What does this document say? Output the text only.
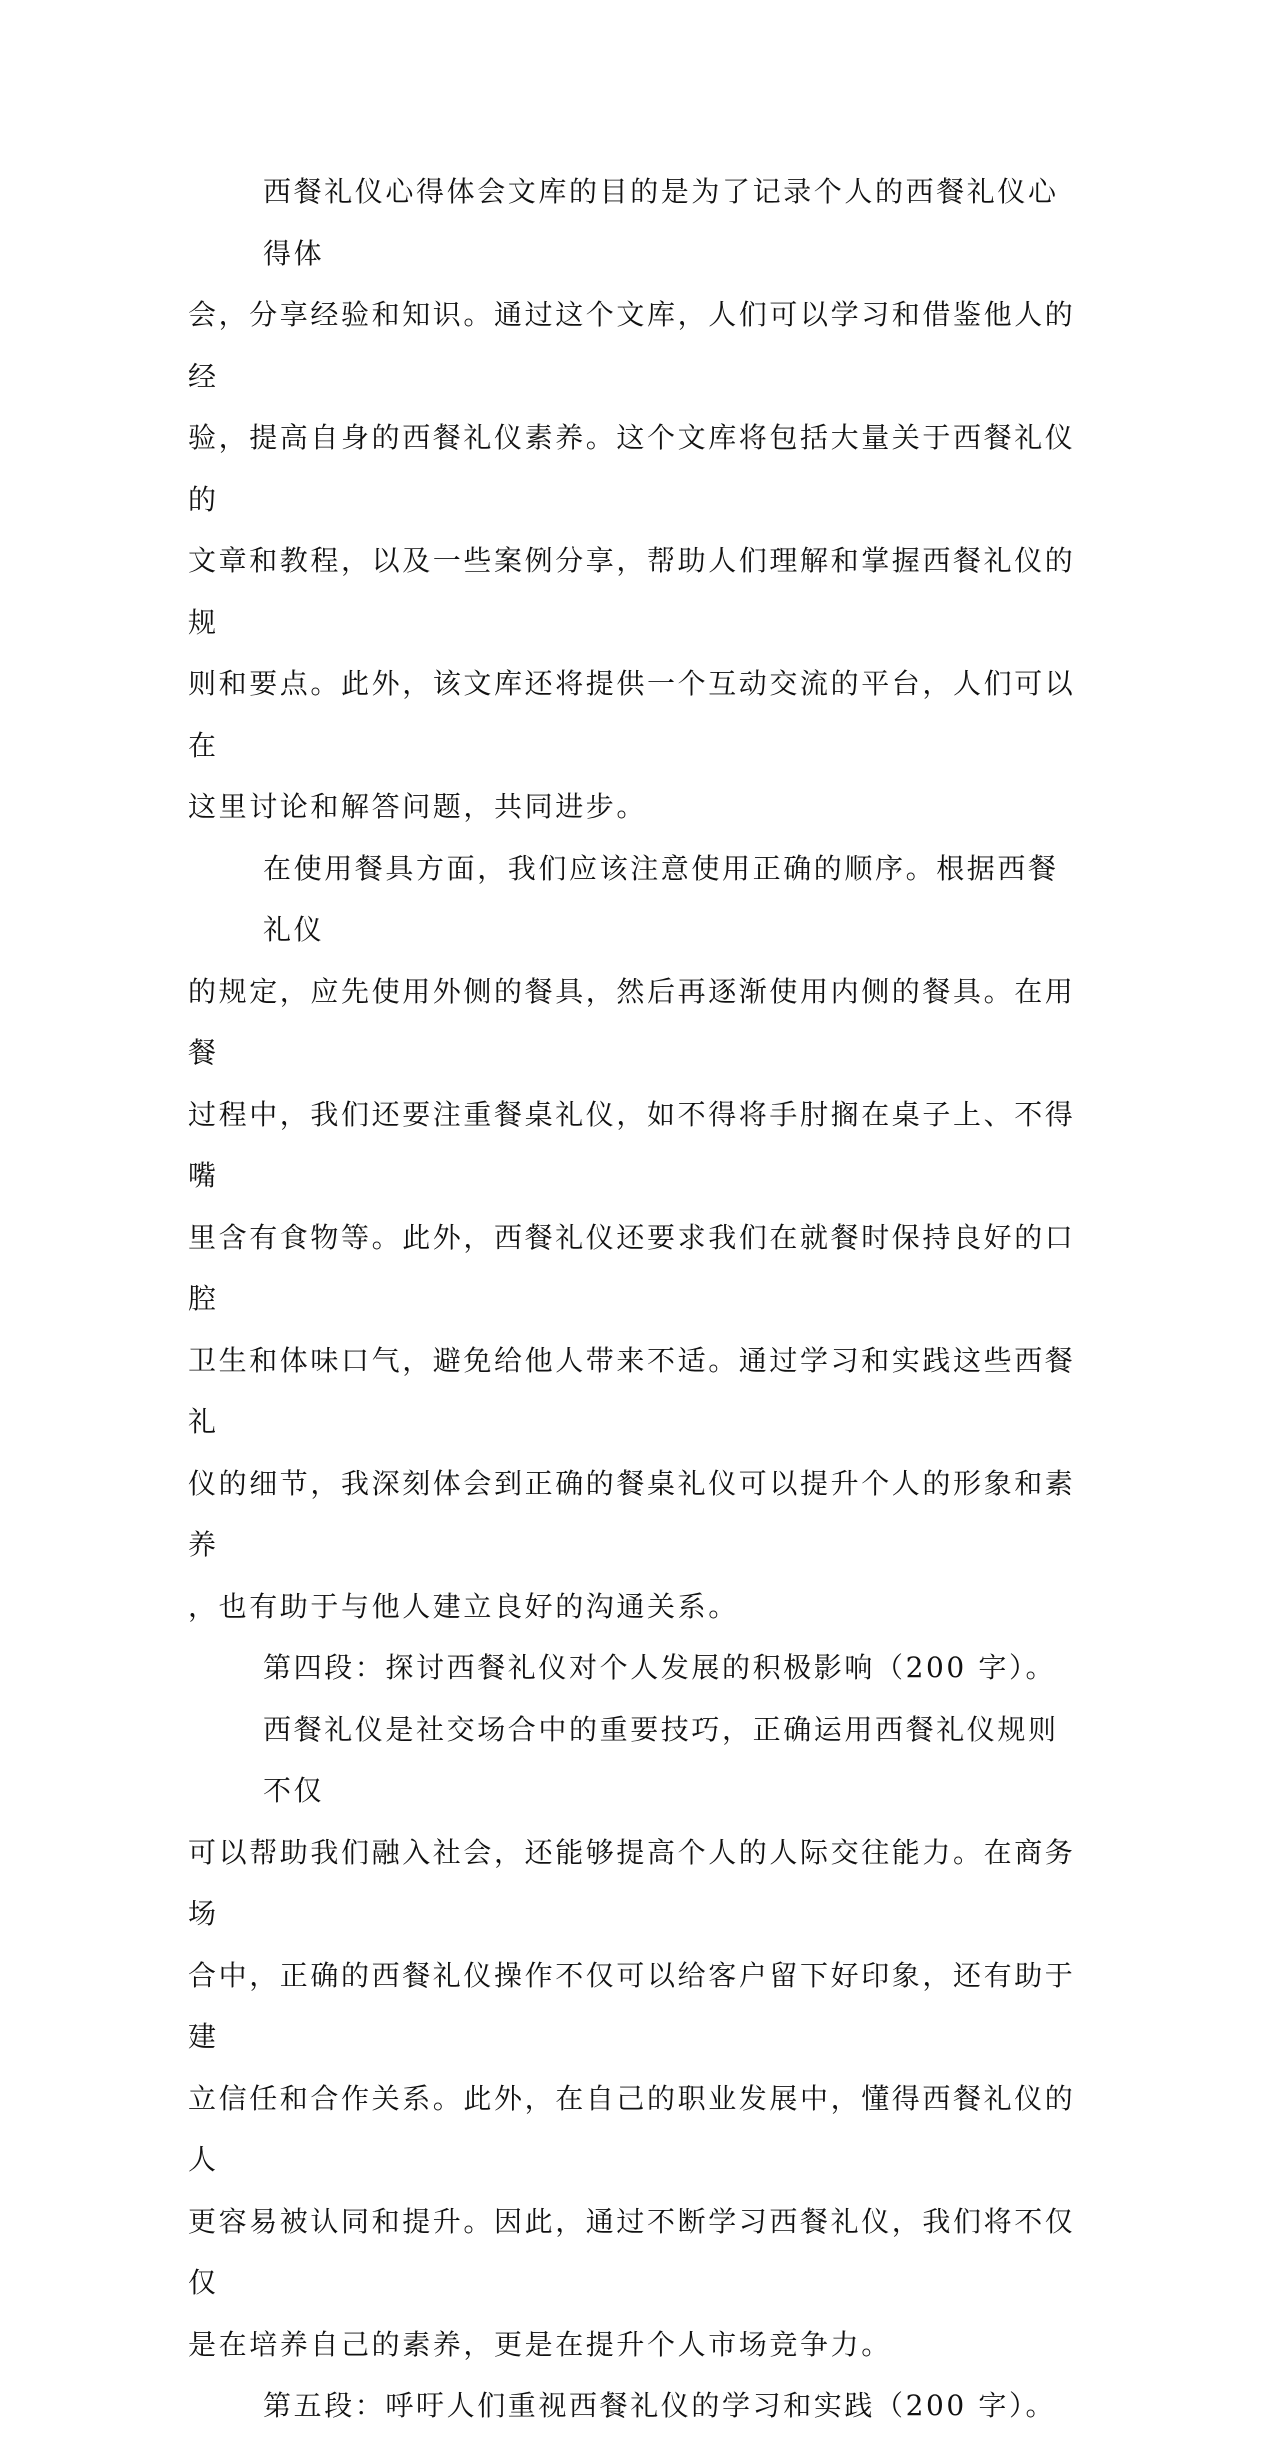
西餐礼仪心得体会文库的目的是为了记录个人的西餐礼仪心得体
会，分享经验和知识。通过这个文库，人们可以学习和借鉴他人的经
验，提高自身的西餐礼仪素养。这个文库将包括大量关于西餐礼仪的
文章和教程，以及一些案例分享，帮助人们理解和掌握西餐礼仪的规
则和要点。此外，该文库还将提供一个互动交流的平台，人们可以在
这里讨论和解答问题，共同进步。
在使用餐具方面，我们应该注意使用正确的顺序。根据西餐礼仪
的规定，应先使用外侧的餐具，然后再逐渐使用内侧的餐具。在用餐
过程中，我们还要注重餐桌礼仪，如不得将手肘搁在桌子上、不得嘴
里含有食物等。此外，西餐礼仪还要求我们在就餐时保持良好的口腔
卫生和体味口气，避免给他人带来不适。通过学习和实践这些西餐礼
仪的细节，我深刻体会到正确的餐桌礼仪可以提升个人的形象和素养
，也有助于与他人建立良好的沟通关系。
第四段：探讨西餐礼仪对个人发展的积极影响（200 字）。
西餐礼仪是社交场合中的重要技巧，正确运用西餐礼仪规则不仅
可以帮助我们融入社会，还能够提高个人的人际交往能力。在商务场
合中，正确的西餐礼仪操作不仅可以给客户留下好印象，还有助于建
立信任和合作关系。此外，在自己的职业发展中，懂得西餐礼仪的人
更容易被认同和提升。因此，通过不断学习西餐礼仪，我们将不仅仅
是在培养自己的素养，更是在提升个人市场竞争力。
第五段：呼吁人们重视西餐礼仪的学习和实践（200 字）。
